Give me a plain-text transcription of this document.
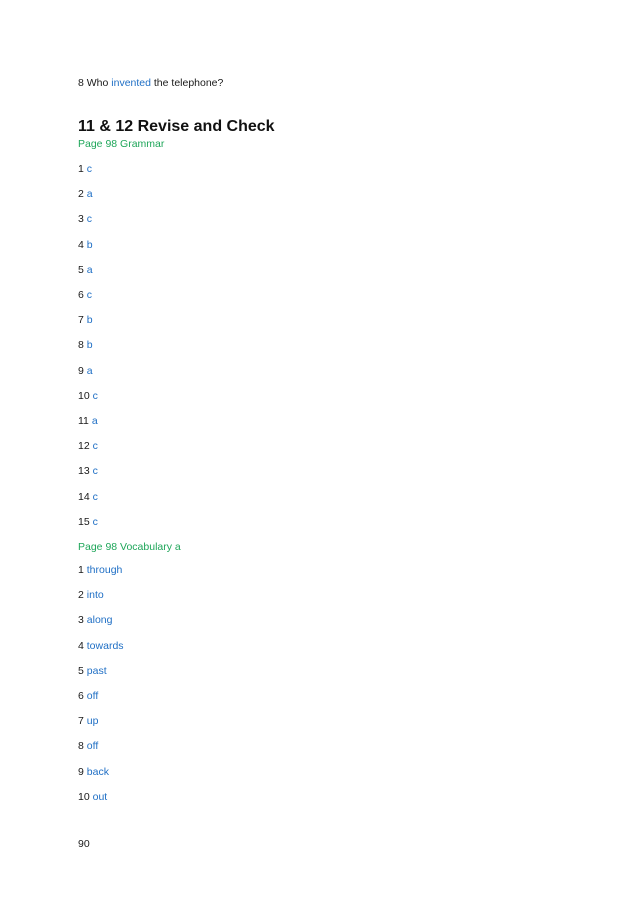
8 Who invented the telephone?
11 & 12 Revise and Check
Page 98 Grammar
1 c
2 a
3 c
4 b
5 a
6 c
7 b
8 b
9 a
10 c
11 a
12 c
13 c
14 c
15 c
Page 98 Vocabulary a
1 through
2 into
3 along
4 towards
5 past
6 off
7 up
8 off
9 back
10 out
90
